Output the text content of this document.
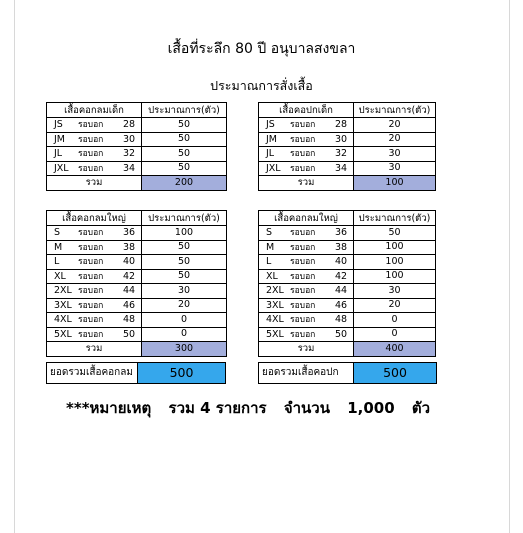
เสื้อที่ระลึก 80 ปี อนุบาลสงขลา
ประมาณการสั่งเสื้อ
เสื้อคอกลมเด็ก	ประมาณการ(ตัว)

JS รอบอก 28	50

JM รอบอก 30	50

JL รอบอก 32	50

JXL รอบอก 34	50
รวม	200
เสื้อคอปกเด็ก	ประมาณการ(ตัว)

JS รอบอก 28	20

JM รอบอก 30	20

JL รอบอก 32	30

JXL รอบอก 34	30
รวม	100
เสื้อคอกลมใหญ่	ประมาณการ(ตัว)

S รอบอก 36	100

M รอบอก 38	50

L รอบอก 40	50

XL รอบอก 42	50

2XL รอบอก 44	30

3XL รอบอก 46	20

4XL รอบอก 48	0

5XL รอบอก 50	0
รวม	300
เสื้อคอกลมใหญ่	ประมาณการ(ตัว)

S รอบอก 36	50

M รอบอก 38	100

L รอบอก 40	100

XL รอบอก 42	100

2XL รอบอก 44	30

3XL รอบอก 46	20

4XL รอบอก 48	0

5XL รอบอก 50	0
รวม	400
ยอดรวมเสื้อคอกลม	500	ยอดรวมเสื้อคอปก	500
***หมายเหตุ รวม 4 รายการ จำนวน 1,000 ตัว
